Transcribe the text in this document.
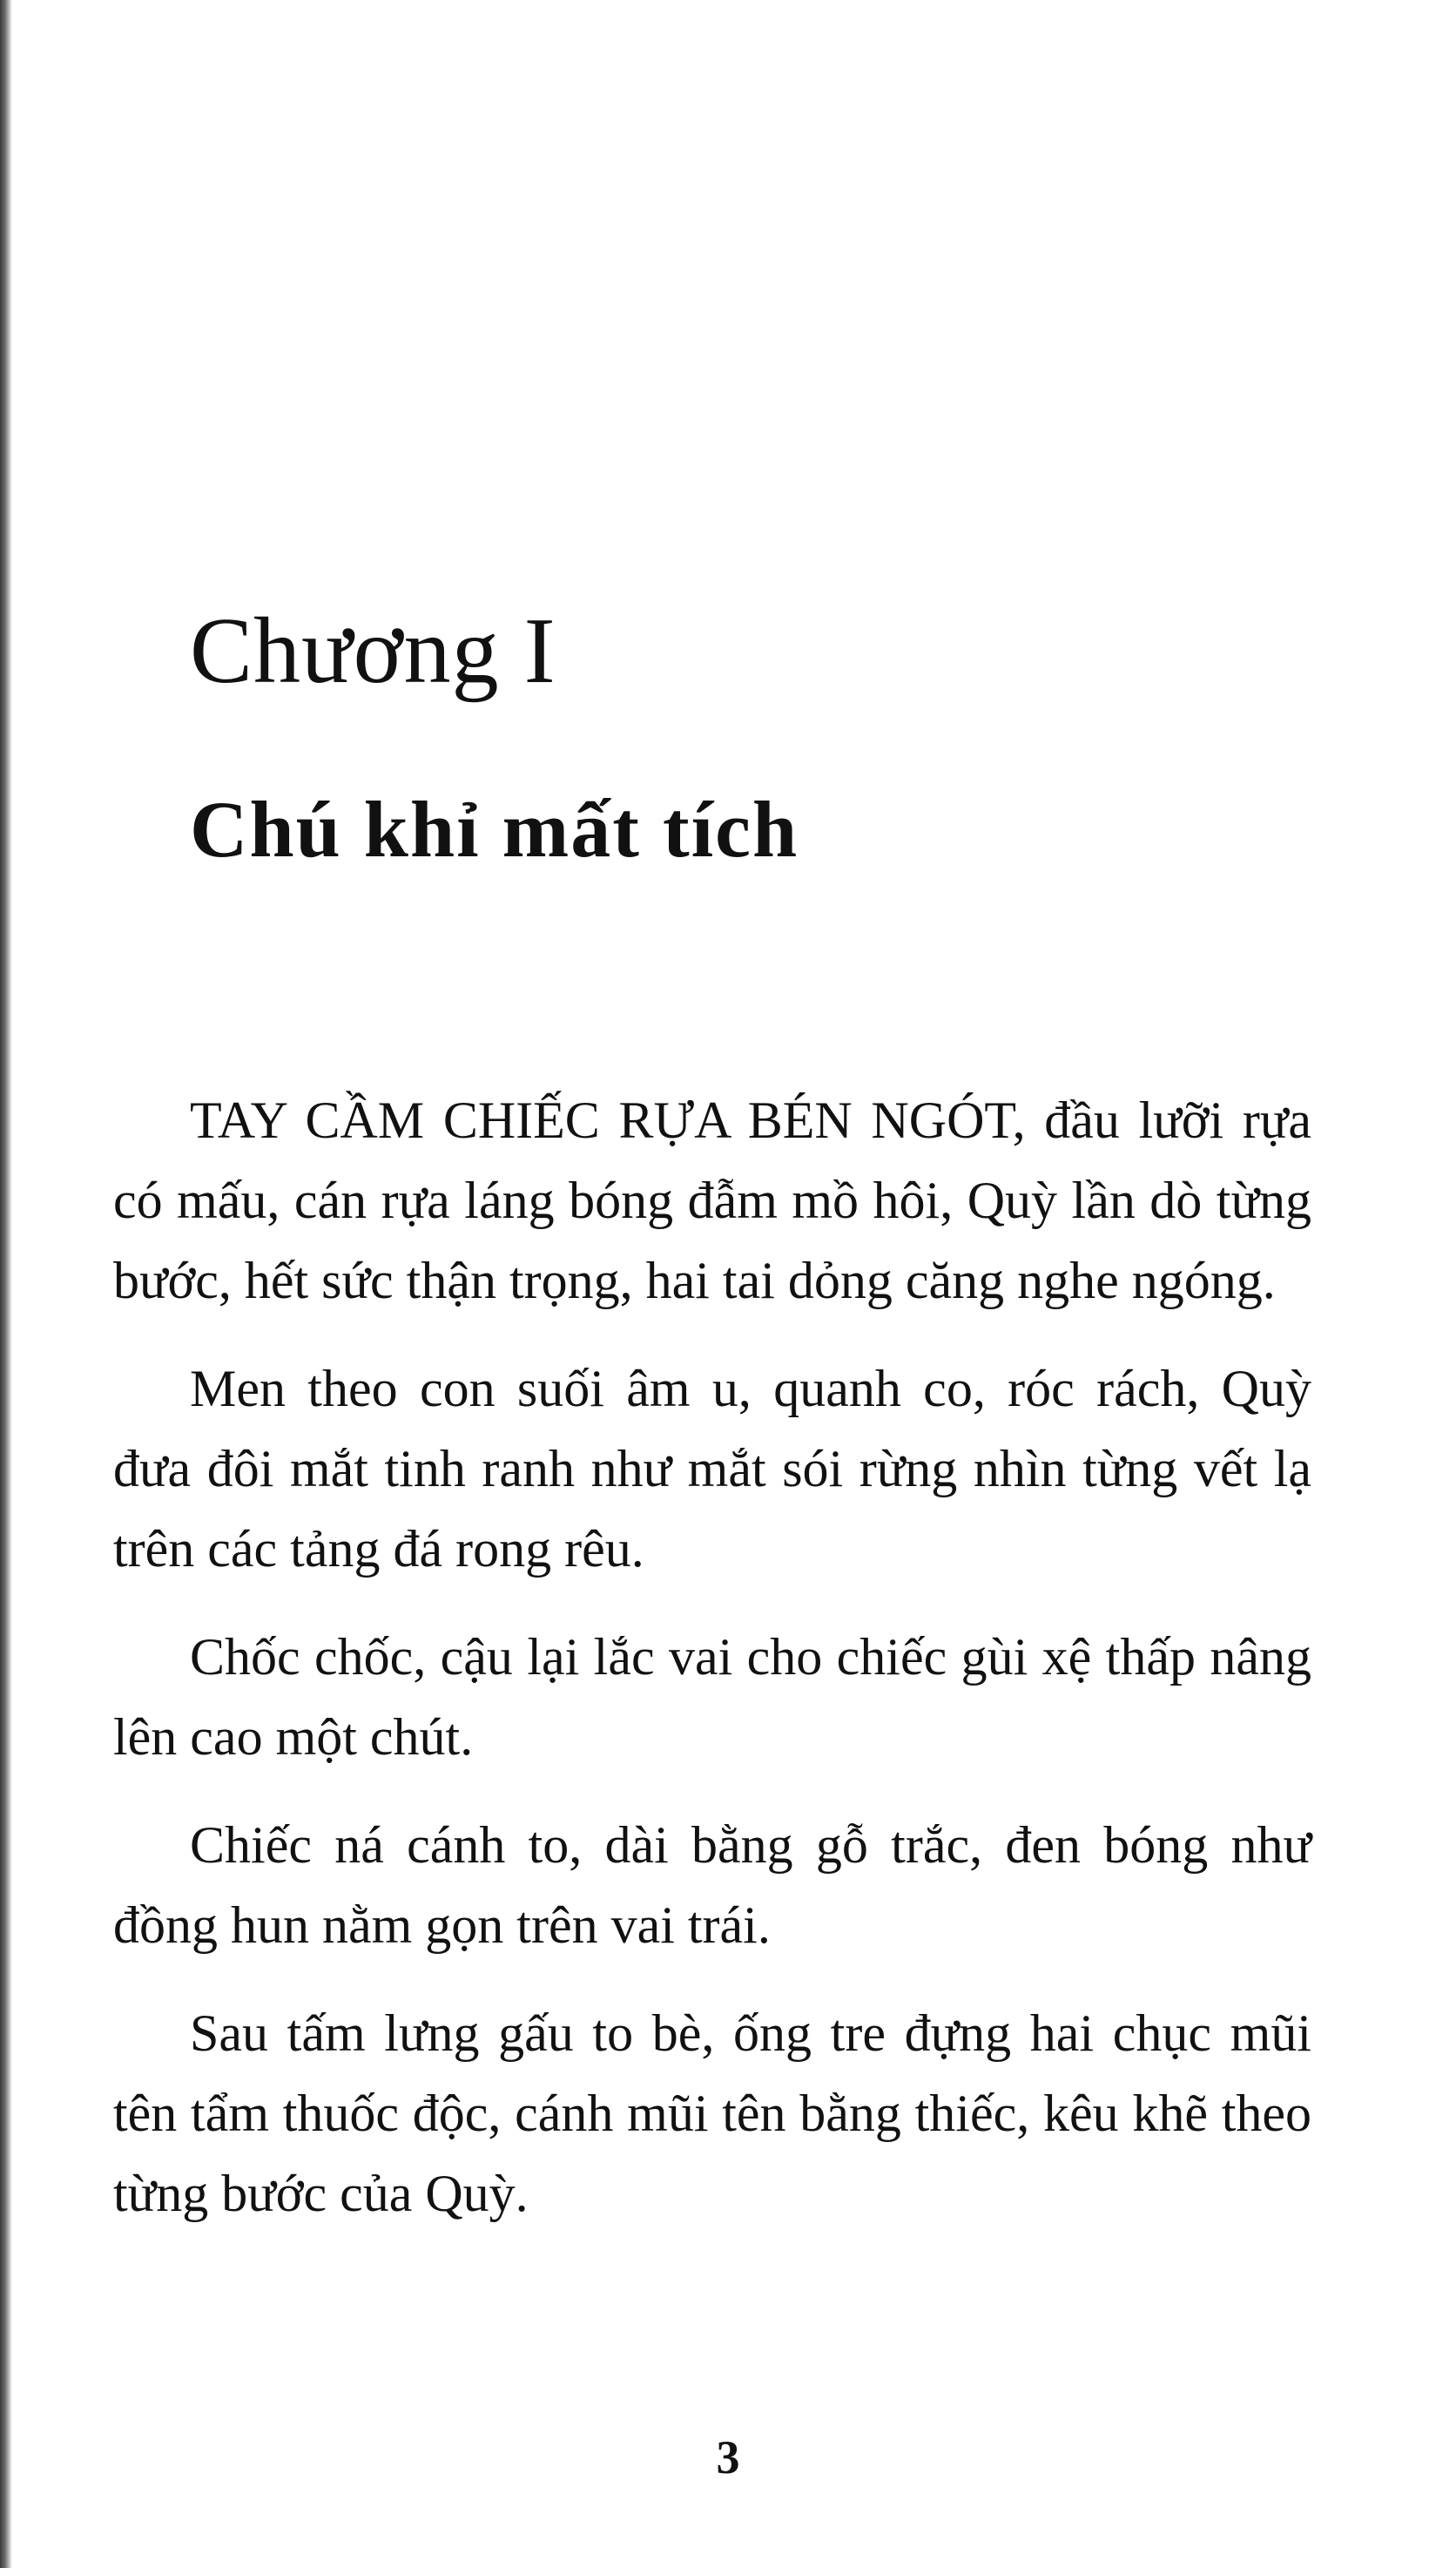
Chương I
Chú khỉ mất tích

TAY CẦM CHIẾC RỰA BÉN NGÓT, đầu lưỡi rựa có mấu, cán rựa láng bóng đẫm mồ hôi, Quỳ lần dò từng bước, hết sức thận trọng, hai tai dỏng căng nghe ngóng.

Men theo con suối âm u, quanh co, róc rách, Quỳ đưa đôi mắt tinh ranh như mắt sói rừng nhìn từng vết lạ trên các tảng đá rong rêu.

Chốc chốc, cậu lại lắc vai cho chiếc gùi xệ thấp nâng lên cao một chút.

Chiếc ná cánh to, dài bằng gỗ trắc, đen bóng như đồng hun nằm gọn trên vai trái.

Sau tấm lưng gấu to bè, ống tre đựng hai chục mũi tên tẩm thuốc độc, cánh mũi tên bằng thiếc, kêu khẽ theo từng bước của Quỳ.

3
